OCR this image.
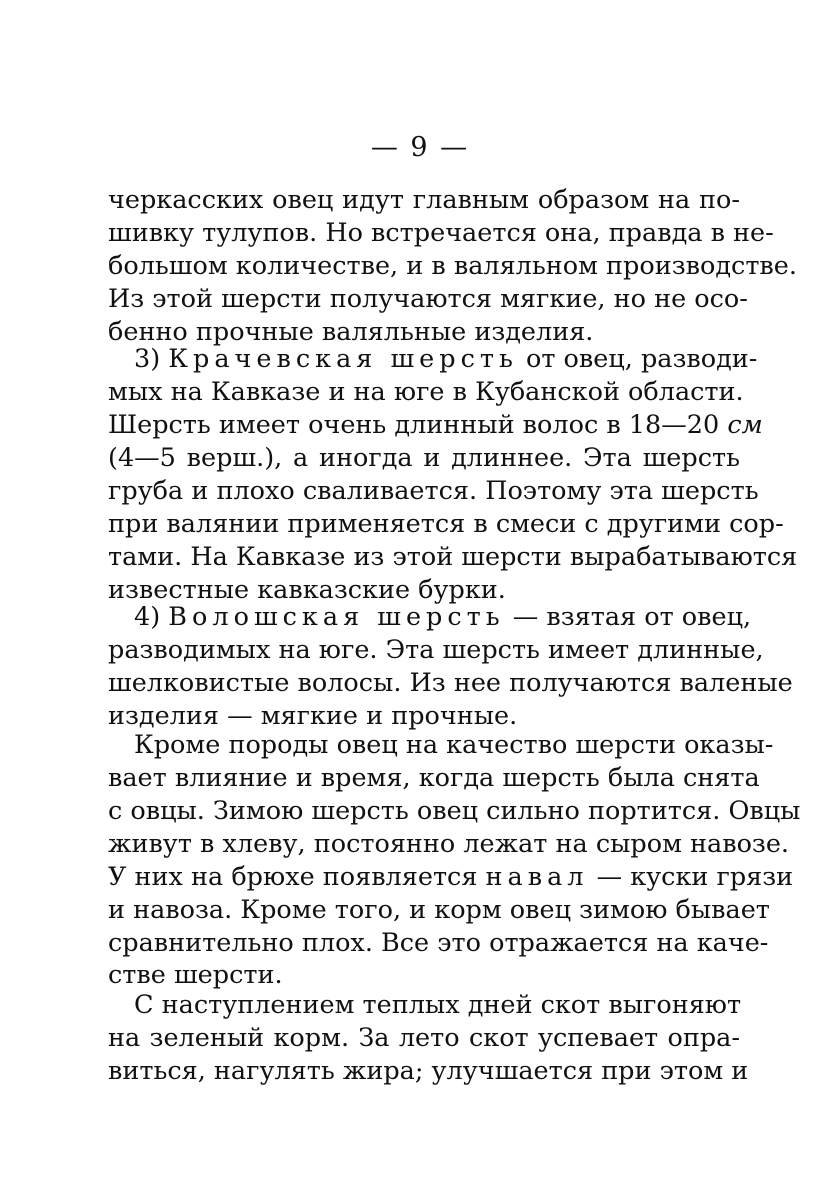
— 9 —
черкасских овец идут главным образом на по-
шивку тулупов. Но встречается она, правда в не-
большом количестве, и в валяльном производстве.
Из этой шерсти получаются мягкие, но не осо-
бенно прочные валяльные изделия.
3) Крачевская шерсть от овец, разводи-
мых на Кавказе и на юге в Кубанской области.
Шерсть имеет очень длинный волос в 18—20 см
(4—5 верш.), а иногда и длиннее. Эта шерсть
груба и плохо сваливается. Поэтому эта шерсть
при валянии применяется в смеси с другими сор-
тами. На Кавказе из этой шерсти вырабатываются
известные кавказские бурки.
4) Волошская шерсть — взятая от овец,
разводимых на юге. Эта шерсть имеет длинные,
шелковистые волосы. Из нее получаются валеные
изделия — мягкие и прочные.
Кроме породы овец на качество шерсти оказы-
вает влияние и время, когда шерсть была снята
с овцы. Зимою шерсть овец сильно портится. Овцы
живут в хлеву, постоянно лежат на сыром навозе.
У них на брюхе появляется навал — куски грязи
и навоза. Кроме того, и корм овец зимою бывает
сравнительно плох. Все это отражается на каче-
стве шерсти.
С наступлением теплых дней скот выгоняют
на зеленый корм. За лето скот успевает опра-
виться, нагулять жира; улучшается при этом и
